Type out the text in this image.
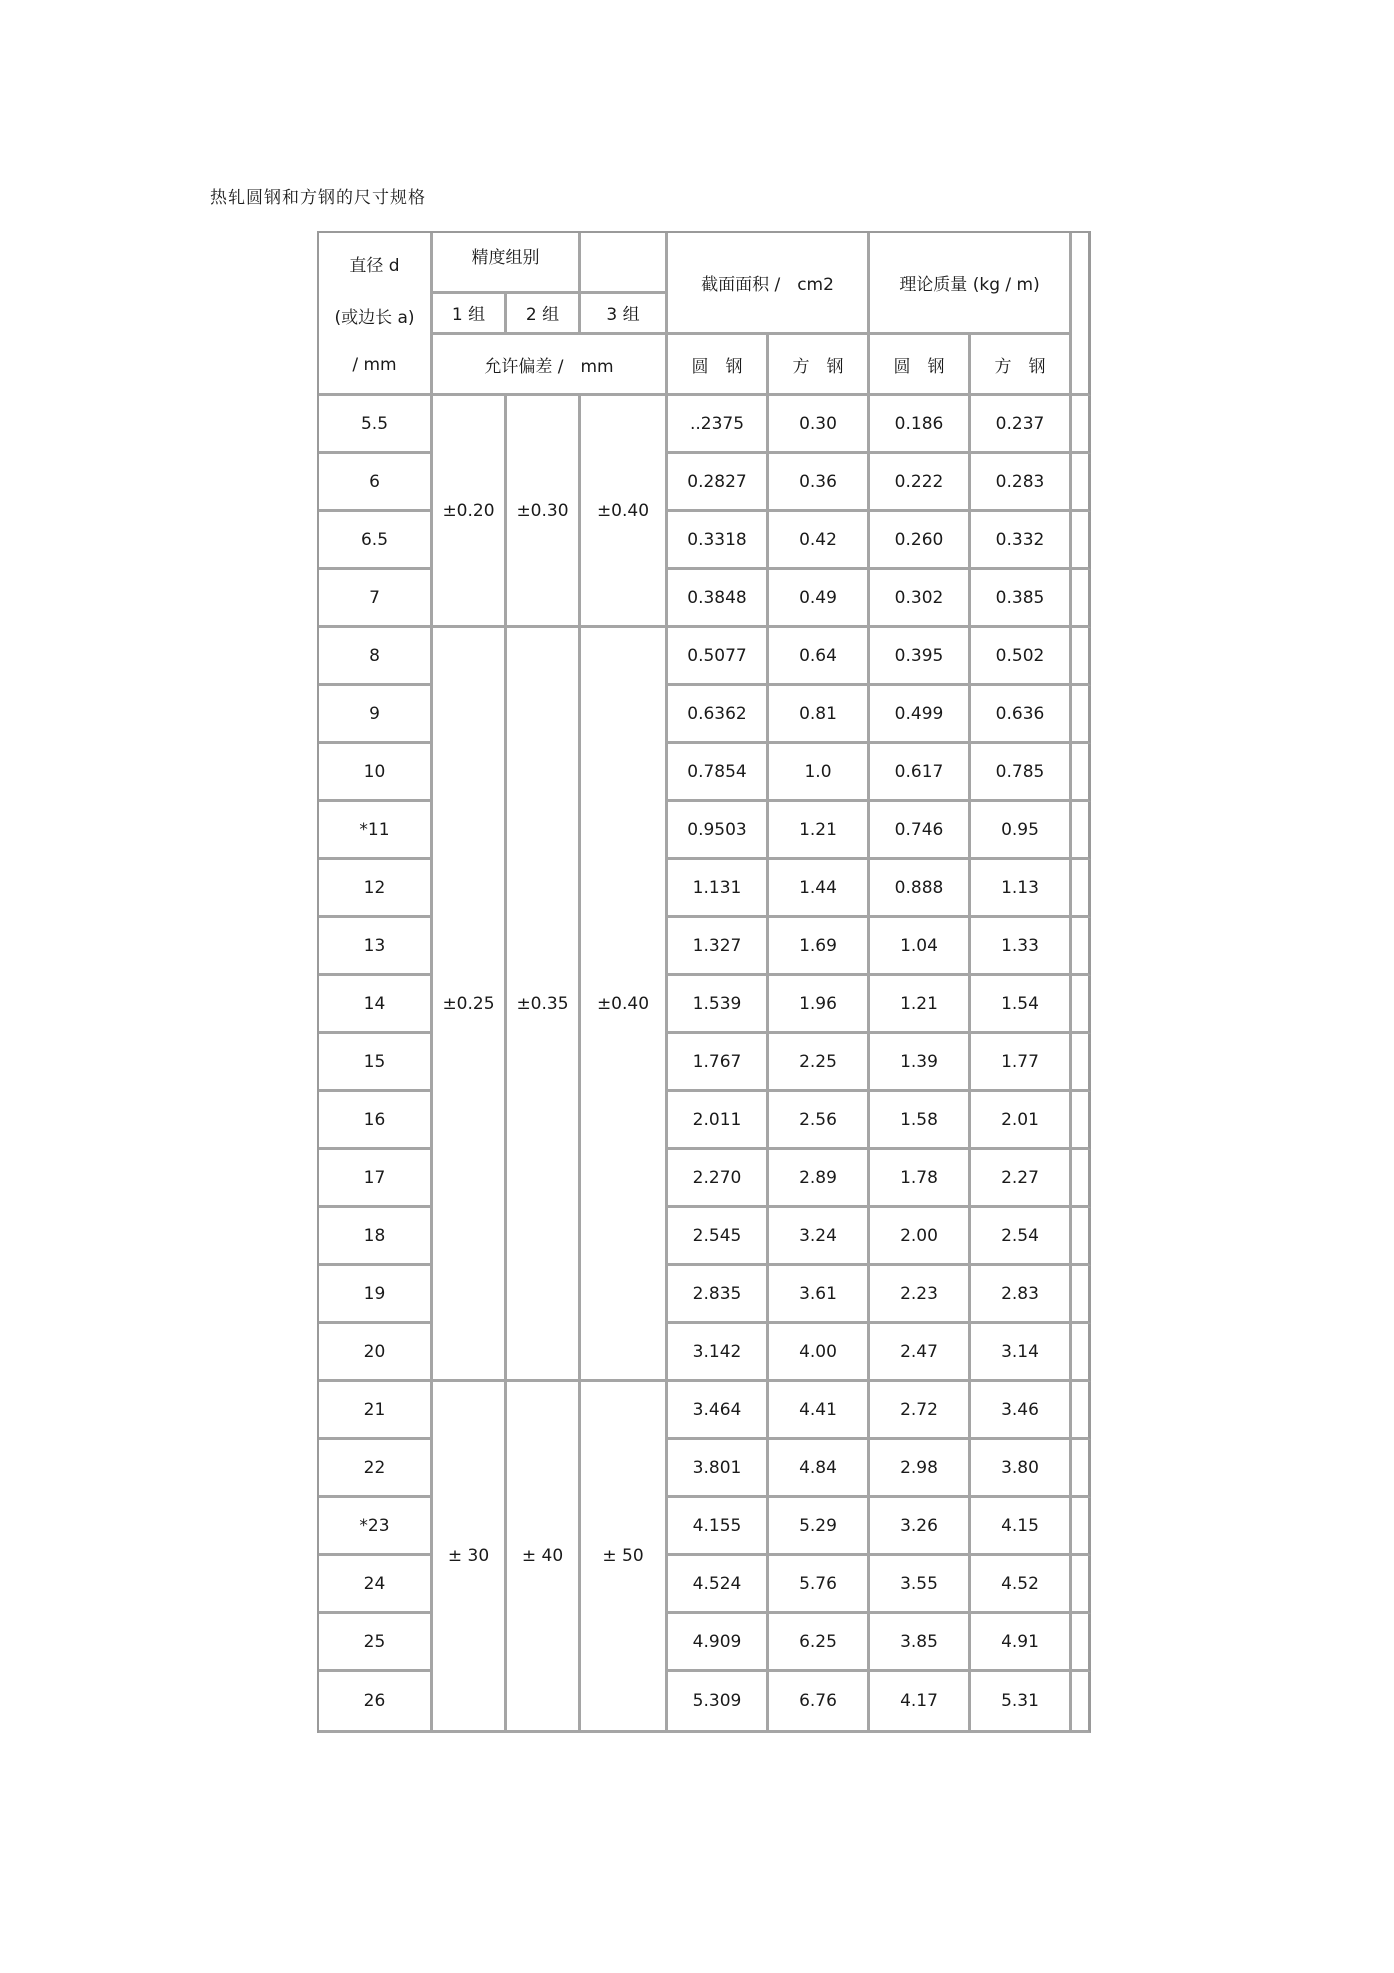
热轧圆钢和方钢的尺寸规格
直径 d
(或边长 a)
/ mm	精度组别			截面面积 /　cm2		理论质量 (kg / m)		
	1 组	2 组	3 组					
	允许偏差 /　mm			圆　钢	方　钢	圆　钢	方　钢	
5.5	±0.20	±0.30	±0.40	..2375	0.30	0.186	0.237	
6				0.2827	0.36	0.222	0.283	
6.5				0.3318	0.42	0.260	0.332	
7				0.3848	0.49	0.302	0.385	
8	±0.25	±0.35	±0.40	0.5077	0.64	0.395	0.502	
9				0.6362	0.81	0.499	0.636	
10				0.7854	1.0	0.617	0.785	
*11				0.9503	1.21	0.746	0.95	
12				1.131	1.44	0.888	1.13	
13				1.327	1.69	1.04	1.33	
14				1.539	1.96	1.21	1.54	
15				1.767	2.25	1.39	1.77	
16				2.011	2.56	1.58	2.01	
17				2.270	2.89	1.78	2.27	
18				2.545	3.24	2.00	2.54	
19				2.835	3.61	2.23	2.83	
20				3.142	4.00	2.47	3.14	
21	± 30	± 40	± 50	3.464	4.41	2.72	3.46	
22				3.801	4.84	2.98	3.80	
*23				4.155	5.29	3.26	4.15	
24				4.524	5.76	3.55	4.52	
25				4.909	6.25	3.85	4.91	
26				5.309	6.76	4.17	5.31	
